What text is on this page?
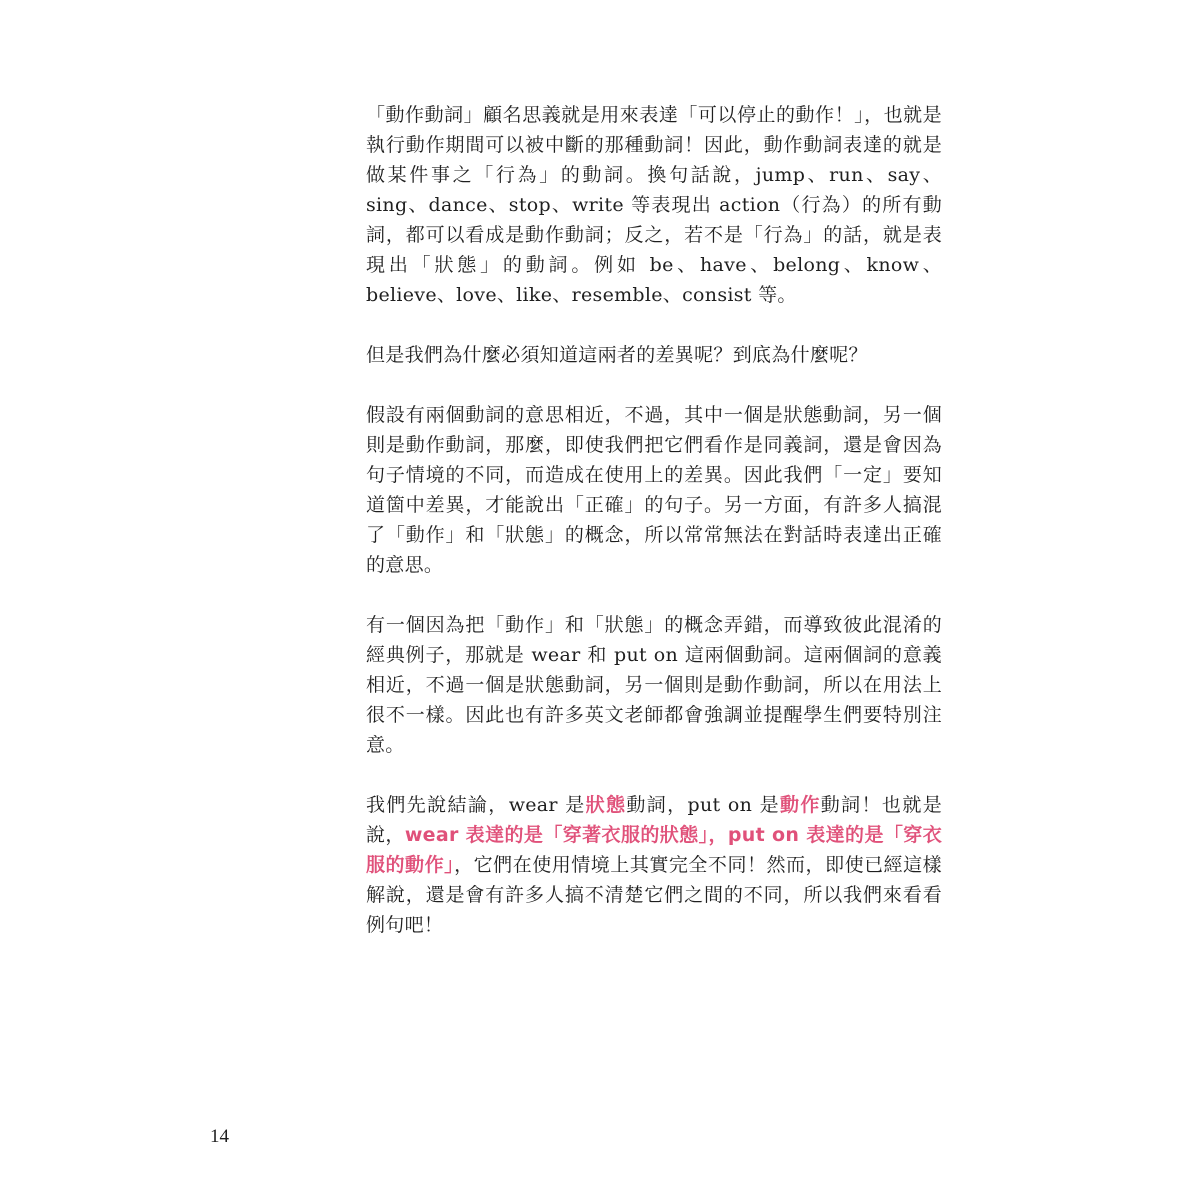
「動作動詞」顧名思義就是用來表達「可以停止的動作！」，也就是執行動作期間可以被中斷的那種動詞！因此，動作動詞表達的就是做某件事之「行為」的動詞。換句話說，jump、run、say、sing、dance、stop、write 等表現出 action（行為）的所有動詞，都可以看成是動作動詞；反之，若不是「行為」的話，就是表現出「狀態」的動詞。例如 be、have、belong、know、believe、love、like、resemble、consist 等。

但是我們為什麼必須知道這兩者的差異呢？到底為什麼呢？

假設有兩個動詞的意思相近，不過，其中一個是狀態動詞，另一個則是動作動詞，那麼，即使我們把它們看作是同義詞，還是會因為句子情境的不同，而造成在使用上的差異。因此我們「一定」要知道箇中差異，才能說出「正確」的句子。另一方面，有許多人搞混了「動作」和「狀態」的概念，所以常常無法在對話時表達出正確的意思。

有一個因為把「動作」和「狀態」的概念弄錯，而導致彼此混淆的經典例子，那就是 wear 和 put on 這兩個動詞。這兩個詞的意義相近，不過一個是狀態動詞，另一個則是動作動詞，所以在用法上很不一樣。因此也有許多英文老師都會強調並提醒學生們要特別注意。

我們先說結論，wear 是狀態動詞，put on 是動作動詞！也就是說，wear 表達的是「穿著衣服的狀態」，put on 表達的是「穿衣服的動作」，它們在使用情境上其實完全不同！然而，即使已經這樣解說，還是會有許多人搞不清楚它們之間的不同，所以我們來看看例句吧！

14
